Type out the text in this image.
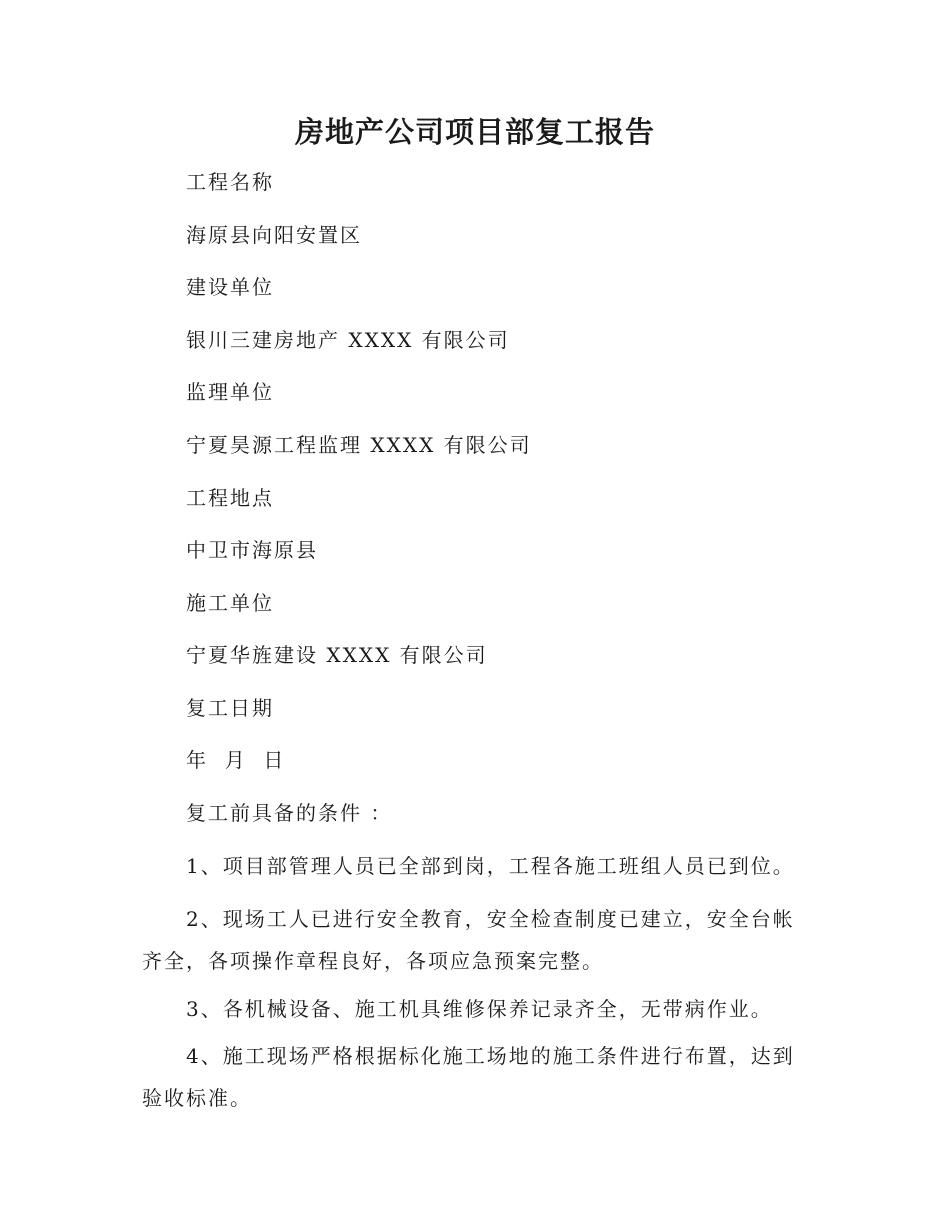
房地产公司项目部复工报告
工程名称
海原县向阳安置区
建设单位
银川三建房地产 XXXX 有限公司
监理单位
宁夏昊源工程监理 XXXX 有限公司
工程地点
中卫市海原县
施工单位
宁夏华旌建设 XXXX 有限公司
复工日期
年  月  日
复工前具备的条件 ：
1、项目部管理人员已全部到岗，工程各施工班组人员已到位。
2、现场工人已进行安全教育，安全检查制度已建立，安全台帐齐全，各项操作章程良好，各项应急预案完整。
3、各机械设备、施工机具维修保养记录齐全，无带病作业。
4、施工现场严格根据标化施工场地的施工条件进行布置，达到验收标准。
